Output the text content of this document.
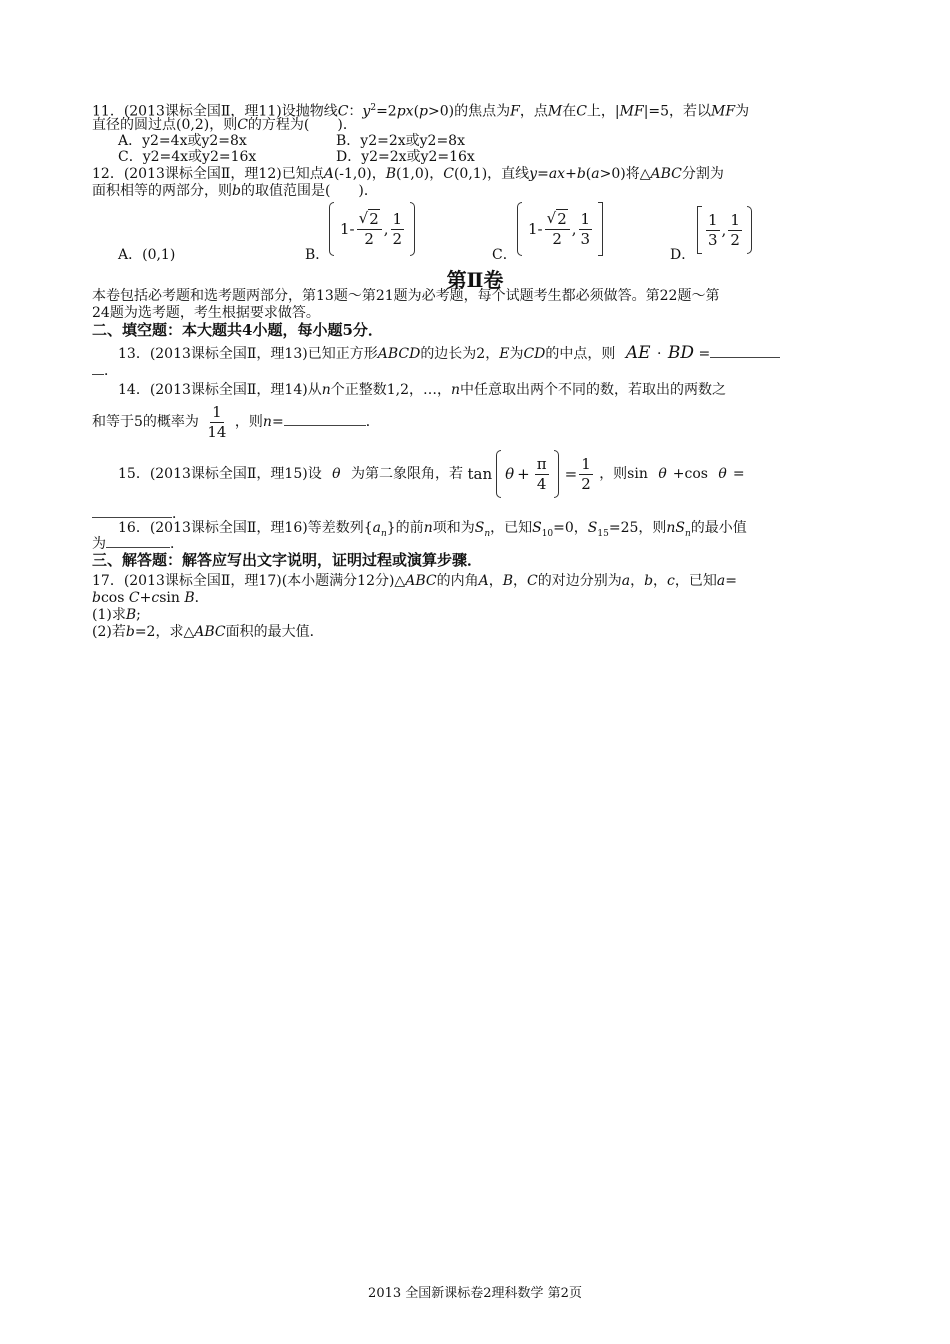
11．(2013课标全国Ⅱ，理11)设抛物线C：$y^2=2px(p>0)$的焦点为F，点M在C上，|MF|=5，若以MF为
直径的圆过点(0,2)，则C的方程为(　　)．
A．y2=4x或y2=8x	B．y2=2x或y2=8x
C．y2=4x或y2=16x	D．y2=2x或y2=16x
12．(2013课标全国Ⅱ，理12)已知点A(-1,0)，B(1,0)，C(0,1)，直线y=ax+b(a>0)将△ABC分割为
面积相等的两部分，则b的取值范围是(　　)．
A．(0,1)	B．
$1 - \frac{√ 2}{2}$ , $\frac{1}{2}$
C．
$1 - \frac{√ 2}{2}$ , $\frac{1}{3}$
D．
$\frac{1}{3}$ , $\frac{1}{2}$
第Ⅱ卷
本卷包括必考题和选考题两部分，第13题～第21题为必考题，每个试题考生都必须做答。第22题～第
24题为选考题，考生根据要求做答。
二、填空题：本大题共4小题，每小题5分．
13．(2013课标全国Ⅱ，理13)已知正方形ABCD的边长为2，E为CD的中点，则 AE · BD =
．
14．(2013课标全国Ⅱ，理14)从n个正整数1,2，…，n中任意取出两个不同的数，若取出的两数之
和等于5的概率为 $\frac{1}{14}$ ，则n=	．
15．(2013课标全国Ⅱ，理15)设 θ 为第二象限角，若 $\tan \theta + \frac{\pi}{4} = \frac{1}{2}$ ，则sin θ +cos θ =
．
16．(2013课标全国Ⅱ，理16)等差数列$\{a_n\}$的前n项和为$S_n$，已知$S_{10}=0$，$S_{15}=25$，则$nS_n$的最小值
为	．
三、解答题：解答应写出文字说明，证明过程或演算步骤．
17．(2013课标全国Ⅱ，理17)(本小题满分12分)△ABC的内角A，B，C的对边分别为a，b，c，已知a=
bcos C+csin B．
(1)求B;
(2)若b=2，求△ABC面积的最大值．
2013 全国新课标卷2理科数学 第2页
